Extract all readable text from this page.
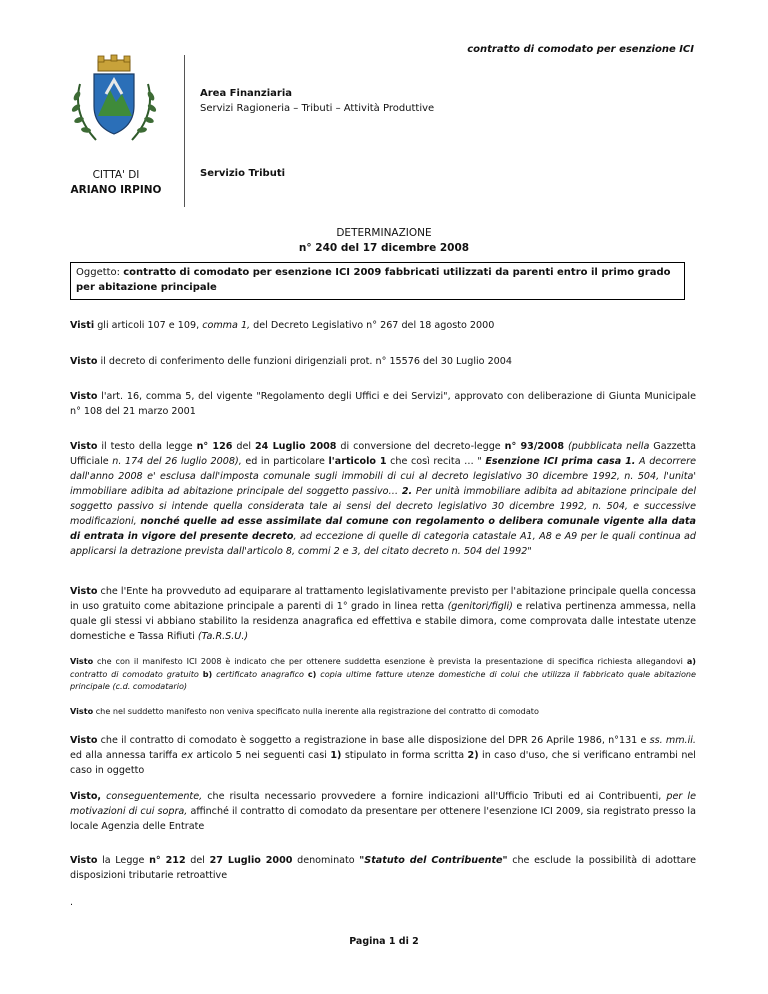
contratto di comodato per esenzione ICI
Area Finanziaria
Servizi Ragioneria – Tributi – Attività Produttive
CITTA' DI
ARIANO IRPINO
Servizio Tributi
DETERMINAZIONE
n° 240 del 17 dicembre 2008
Oggetto: contratto di comodato per esenzione ICI 2009 fabbricati utilizzati da parenti entro il primo grado per abitazione principale
Visti gli articoli 107 e 109, comma 1, del Decreto Legislativo n° 267 del 18 agosto 2000
Visto il decreto di conferimento delle funzioni dirigenziali prot. n° 15576 del 30 Luglio 2004
Visto l'art. 16, comma 5, del vigente "Regolamento degli Uffici e dei Servizi", approvato con deliberazione di Giunta Municipale n° 108 del 21 marzo 2001
Visto il testo della legge n° 126 del 24 Luglio 2008 di conversione del decreto-legge n° 93/2008 (pubblicata nella Gazzetta Ufficiale n. 174 del 26 luglio 2008), ed in particolare l'articolo 1 che così recita … " Esenzione ICI prima casa 1. A decorrere dall'anno 2008 e' esclusa dall'imposta comunale sugli immobili di cui al decreto legislativo 30 dicembre 1992, n. 504, l'unita' immobiliare adibita ad abitazione principale del soggetto passivo… 2. Per unità immobiliare adibita ad abitazione principale del soggetto passivo si intende quella considerata tale ai sensi del decreto legislativo 30 dicembre 1992, n. 504, e successive modificazioni, nonché quelle ad esse assimilate dal comune con regolamento o delibera comunale vigente alla data di entrata in vigore del presente decreto, ad eccezione di quelle di categoria catastale A1, A8 e A9 per le quali continua ad applicarsi la detrazione prevista dall'articolo 8, commi 2 e 3, del citato decreto n. 504 del 1992"
Visto che l'Ente ha provveduto ad equiparare al trattamento legislativamente previsto per l'abitazione principale quella concessa in uso gratuito come abitazione principale a parenti di 1° grado in linea retta (genitori/figli) e relativa pertinenza ammessa, nella quale gli stessi vi abbiano stabilito la residenza anagrafica ed effettiva e stabile dimora, come comprovata dalle intestate utenze domestiche e Tassa Rifiuti (Ta.R.S.U.)
Visto che con il manifesto ICI 2008 è indicato che per ottenere suddetta esenzione è prevista la presentazione di specifica richiesta allegandovi a) contratto di comodato gratuito b) certificato anagrafico c) copia ultime fatture utenze domestiche di colui che utilizza il fabbricato quale abitazione principale (c.d. comodatario)
Visto che nel suddetto manifesto non veniva specificato nulla inerente alla registrazione del contratto di comodato
Visto che il contratto di comodato è soggetto a registrazione in base alle disposizione del DPR 26 Aprile 1986, n°131 e ss. mm.ii. ed alla annessa tariffa ex articolo 5 nei seguenti casi 1) stipulato in forma scritta 2) in caso d'uso, che si verificano entrambi nel caso in oggetto
Visto, conseguentemente, che risulta necessario provvedere a fornire indicazioni all'Ufficio Tributi ed ai Contribuenti, per le motivazioni di cui sopra, affinché il contratto di comodato da presentare per ottenere l'esenzione ICI 2009, sia registrato presso la locale Agenzia delle Entrate
Visto la Legge n° 212 del 27 Luglio 2000 denominato "Statuto del Contribuente" che esclude la possibilità di adottare disposizioni tributarie retroattive
.
Pagina 1 di 2
